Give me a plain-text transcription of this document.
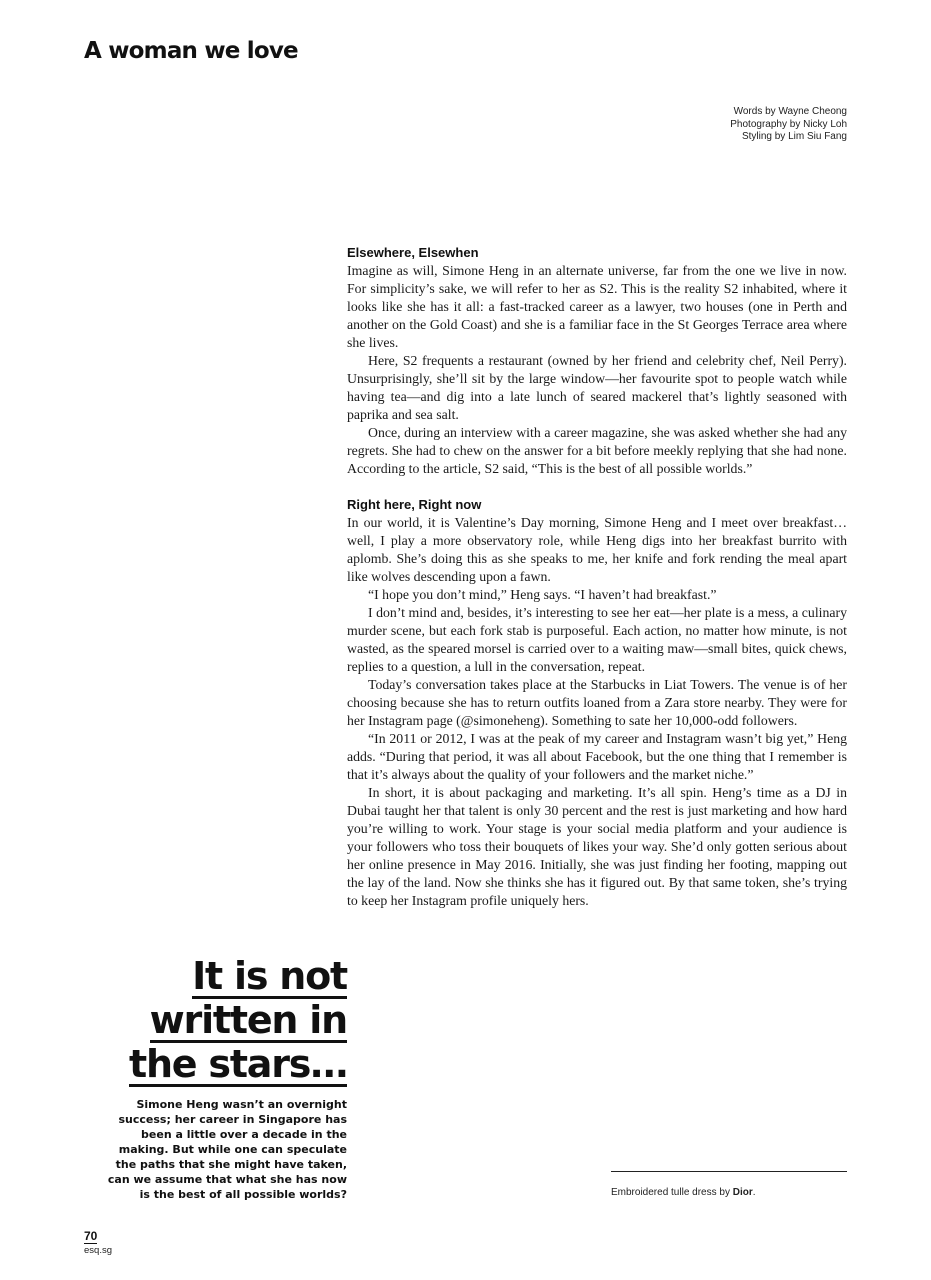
A woman we love
Words by Wayne Cheong
Photography by Nicky Loh
Styling by Lim Siu Fang
Elsewhere, Elsewhen

Imagine as will, Simone Heng in an alternate universe, far from the one we live in now. For simplicity’s sake, we will refer to her as S2. This is the reality S2 inhabited, where it looks like she has it all: a fast-tracked career as a lawyer, two houses (one in Perth and another on the Gold Coast) and she is a familiar face in the St Georges Terrace area where she lives.

Here, S2 frequents a restaurant (owned by her friend and celebrity chef, Neil Perry). Unsurprisingly, she’ll sit by the large window—her favourite spot to people watch while having tea—and dig into a late lunch of seared mackerel that’s lightly seasoned with paprika and sea salt.

Once, during an interview with a career magazine, she was asked whether she had any regrets. She had to chew on the answer for a bit before meekly replying that she had none. According to the article, S2 said, “This is the best of all possible worlds.”

Right here, Right now

In our world, it is Valentine’s Day morning, Simone Heng and I meet over breakfast… well, I play a more observatory role, while Heng digs into her breakfast burrito with aplomb. She’s doing this as she speaks to me, her knife and fork rending the meal apart like wolves descending upon a fawn.

“I hope you don’t mind,” Heng says. “I haven’t had breakfast.”

I don’t mind and, besides, it’s interesting to see her eat—her plate is a mess, a culinary murder scene, but each fork stab is purposeful. Each action, no matter how minute, is not wasted, as the speared morsel is carried over to a waiting maw—small bites, quick chews, replies to a question, a lull in the conversation, repeat.

Today’s conversation takes place at the Starbucks in Liat Towers. The venue is of her choosing because she has to return outfits loaned from a Zara store nearby. They were for her Instagram page (@simoneheng). Something to sate her 10,000-odd followers.

“In 2011 or 2012, I was at the peak of my career and Instagram wasn’t big yet,” Heng adds. “During that period, it was all about Facebook, but the one thing that I remember is that it’s always about the quality of your followers and the market niche.”

In short, it is about packaging and marketing. It’s all spin. Heng’s time as a DJ in Dubai taught her that talent is only 30 percent and the rest is just marketing and how hard you’re willing to work. Your stage is your social media platform and your audience is your followers who toss their bouquets of likes your way. She’d only gotten serious about her online presence in May 2016. Initially, she was just finding her footing, mapping out the lay of the land. Now she thinks she has it figured out. By that same token, she’s trying to keep her Instagram profile uniquely hers.

It is not
written in
the stars…
Simone Heng wasn’t an overnight success; her career in Singapore has been a little over a decade in the making. But while one can speculate the paths that she might have taken, can we assume that what she has now is the best of all possible worlds?	Embroidered tulle dress by Dior.
70
esq.sg
